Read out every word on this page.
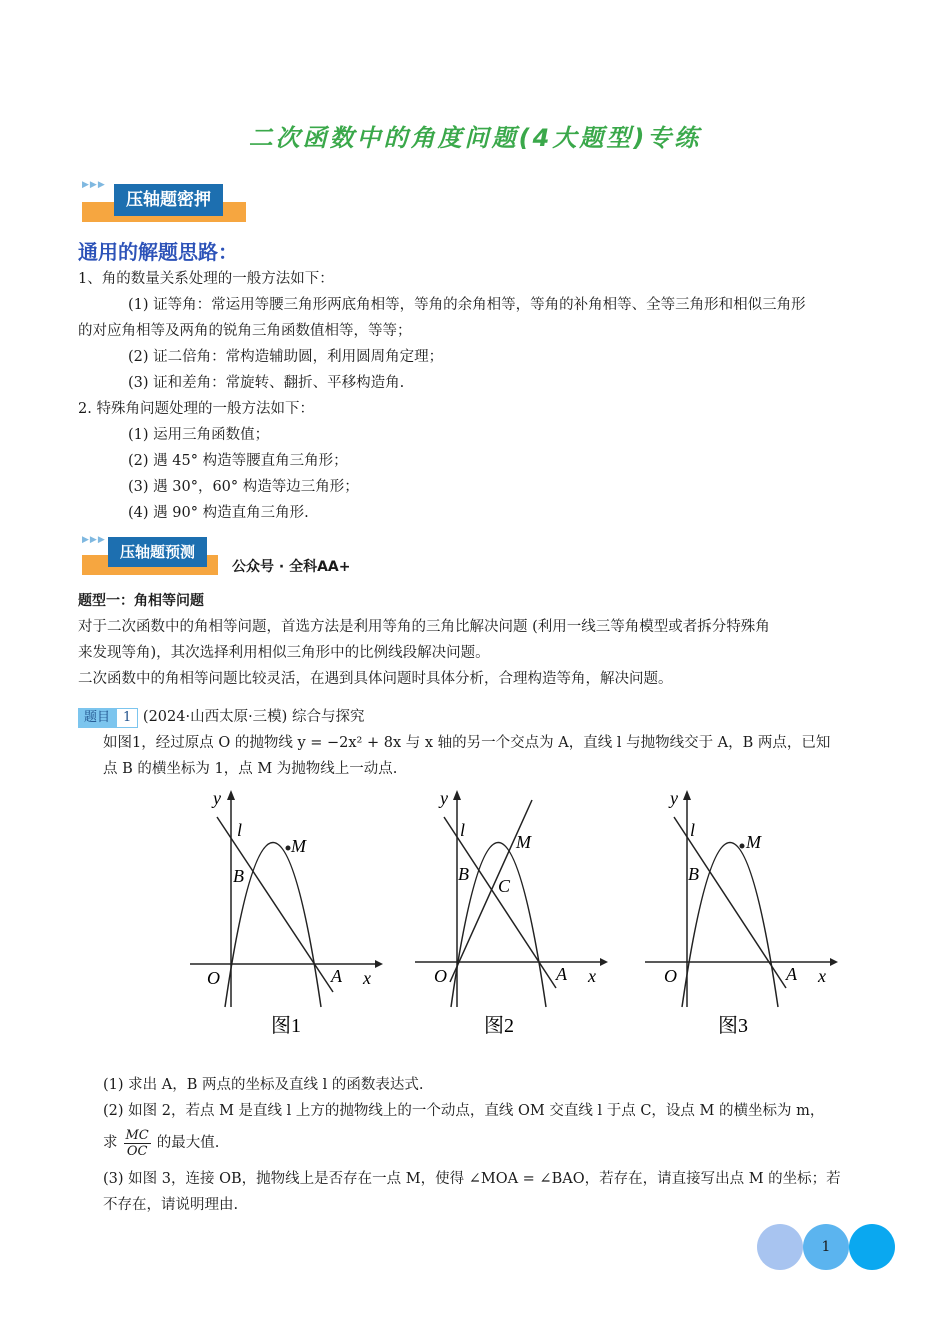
二次函数中的角度问题(4大题型)专练
▶▶▶
压轴题密押
通用的解题思路：
1、角的数量关系处理的一般方法如下：
(1) 证等角：常运用等腰三角形两底角相等，等角的余角相等，等角的补角相等、全等三角形和相似三角形
的对应角相等及两角的锐角三角函数值相等，等等；
(2) 证二倍角：常构造辅助圆，利用圆周角定理；
(3) 证和差角：常旋转、翻折、平移构造角.
2. 特殊角问题处理的一般方法如下：
(1) 运用三角函数值；
(2) 遇 45° 构造等腰直角三角形；
(3) 遇 30°，60° 构造等边三角形；
(4) 遇 90° 构造直角三角形.
▶▶▶
压轴题预测
公众号 · 全科AA+
题型一：角相等问题
对于二次函数中的角相等问题，首选方法是利用等角的三角比解决问题 (利用一线三等角模型或者拆分特殊角
来发现等角)，其次选择利用相似三角形中的比例线段解决问题。
二次函数中的角相等问题比较灵活，在遇到具体问题时具体分析，合理构造等角，解决问题。
题目 1 (2024·山西太原·三模) 综合与探究
如图1，经过原点 O 的抛物线 y = −2x² + 8x 与 x 轴的另一个交点为 A，直线 l 与抛物线交于 A，B 两点，已知
点 B 的横坐标为 1，点 M 为抛物线上一动点.
y
l
M
B
O	A x
图1
y
l
M
B
C
O	A x
图2
y
l
M
B
O	A x
图3
(1) 求出 A，B 两点的坐标及直线 l 的函数表达式.
(2) 如图 2，若点 M 是直线 l 上方的抛物线上的一个动点，直线 OM 交直线 l 于点 C，设点 M 的横坐标为 m，
求 $\frac{MC}{OC}$ 的最大值.
(3) 如图 3，连接 OB，抛物线上是否存在一点 M，使得 ∠MOA = ∠BAO，若存在，请直接写出点 M 的坐标；若
不存在，请说明理由.
1
